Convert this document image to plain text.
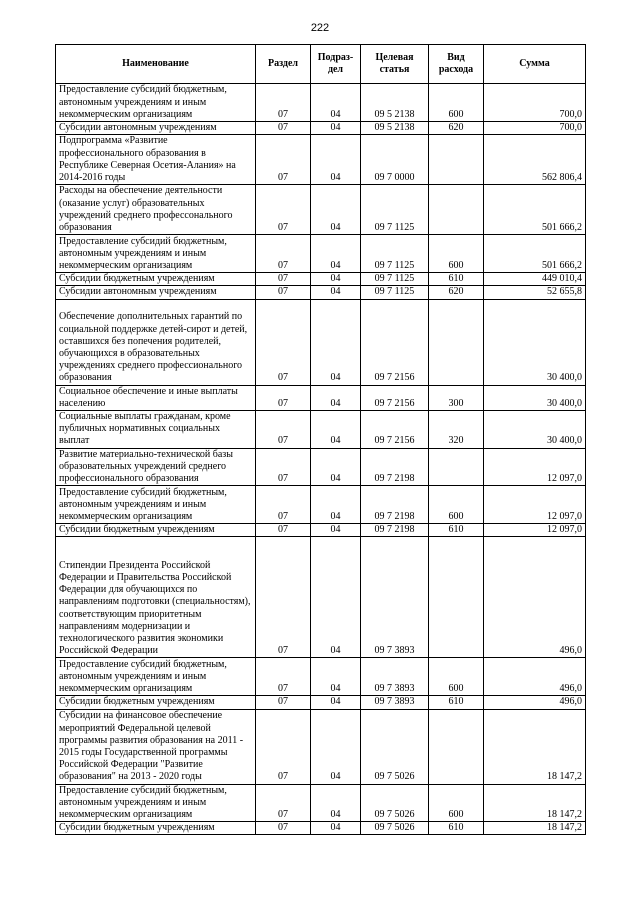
222
Наименование	Раздел	Подраз-дел	Целевая статья	Вид расхода	Сумма
Предоставление субсидий бюджетным, автономным учреждениям и иным некоммерческим организациям	07	04	09 5 2138	600	700,0
Субсидии автономным учреждениям	07	04	09 5 2138	620	700,0
Подпрограмма «Развитие профессионального образования в Республике Северная Осетия-Алания» на 2014-2016 годы	07	04	09 7 0000		562 806,4
Расходы на обеспечение деятельности (оказание услуг) образовательных учреждений среднего профессонального образования	07	04	09 7 1125		501 666,2
Предоставление субсидий бюджетным, автономным учреждениям и иным некоммерческим организациям	07	04	09 7 1125	600	501 666,2
Субсидии бюджетным учреждениям	07	04	09 7 1125	610	449 010,4
Субсидии автономным учреждениям	07	04	09 7 1125	620	52 655,8
Обеспечение дополнительных гарантий по социальной поддержке детей-сирот и детей, оставшихся без попечения родителей, обучающихся в образовательных учреждениях среднего профессионального образования	07	04	09 7 2156		30 400,0
Социальное обеспечение и иные выплаты населению	07	04	09 7 2156	300	30 400,0
Социальные выплаты гражданам, кроме публичных нормативных социальных выплат	07	04	09 7 2156	320	30 400,0
Развитие материально-технической базы образовательных учреждений среднего профессионального образования	07	04	09 7 2198		12 097,0
Предоставление субсидий бюджетным, автономным учреждениям и иным некоммерческим организациям	07	04	09 7 2198	600	12 097,0
Субсидии бюджетным учреждениям	07	04	09 7 2198	610	12 097,0
Стипендии Президента Российской Федерации и Правительства Российской Федерации для обучающихся по направлениям подготовки (специальностям), соответствующим приоритетным направлениям модернизации и технологического развития экономики Российской Федерации	07	04	09 7 3893		496,0
Предоставление субсидий бюджетным, автономным учреждениям и иным некоммерческим организациям	07	04	09 7 3893	600	496,0
Субсидии бюджетным учреждениям	07	04	09 7 3893	610	496,0
Субсидии на финансовое обеспечение мероприятий Федеральной целевой программы развития образования на 2011 - 2015 годы Государственной программы Российской Федерации "Развитие образования" на 2013 - 2020 годы	07	04	09 7 5026		18 147,2
Предоставление субсидий бюджетным, автономным учреждениям и иным некоммерческим организациям	07	04	09 7 5026	600	18 147,2
Субсидии бюджетным учреждениям	07	04	09 7 5026	610	18 147,2
